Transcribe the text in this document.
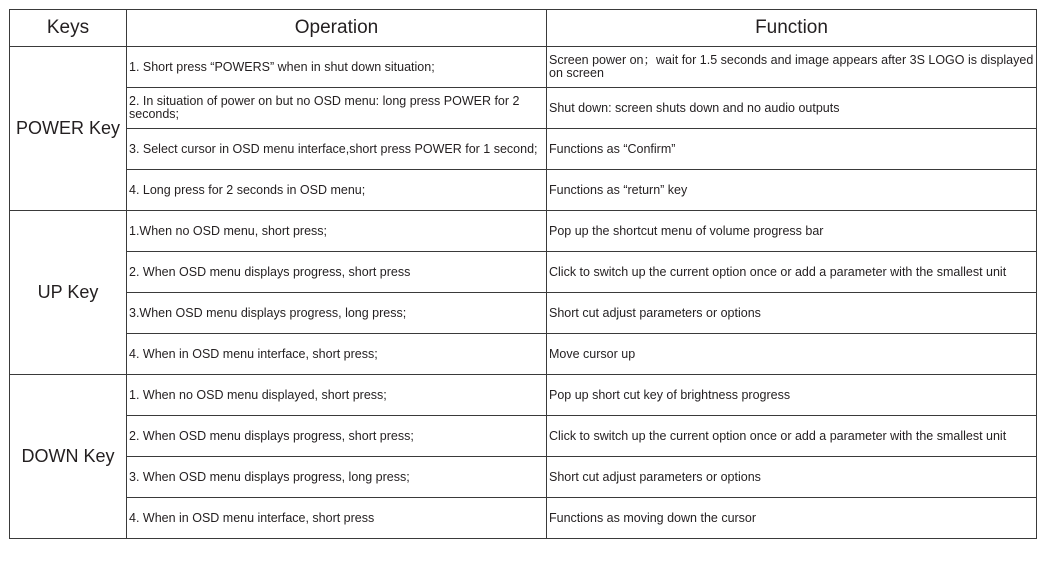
Keys	Operation	Function
POWER Key	1. Short press “POWERS” when in shut down situation;	Screen power on；wait for 1.5 seconds and image appears after 3S LOGO is displayed on screen
	2. In situation of power on but no OSD menu: long press POWER for 2 seconds;	Shut down: screen shuts down and no audio outputs
	3. Select cursor in OSD menu interface,short press POWER for 1 second;	Functions as “Confirm”
	4. Long press for 2 seconds in OSD menu;	Functions as “return” key
UP Key	1.When no OSD menu, short press;	Pop up the shortcut menu of volume progress bar
	2. When OSD menu displays progress, short press	Click to switch up the current option once or add a parameter with the smallest unit
	3.When OSD menu displays progress, long press;	Short cut adjust parameters or options
	4. When in OSD menu interface, short press;	Move cursor up
DOWN Key	1. When no OSD menu displayed, short press;	Pop up short cut key of brightness progress
	2. When OSD menu displays progress, short press;	Click to switch up the current option once or add a parameter with the smallest unit
	3. When OSD menu displays progress, long press;	Short cut adjust parameters or options
	4. When in OSD menu interface, short press	Functions as moving down the cursor
